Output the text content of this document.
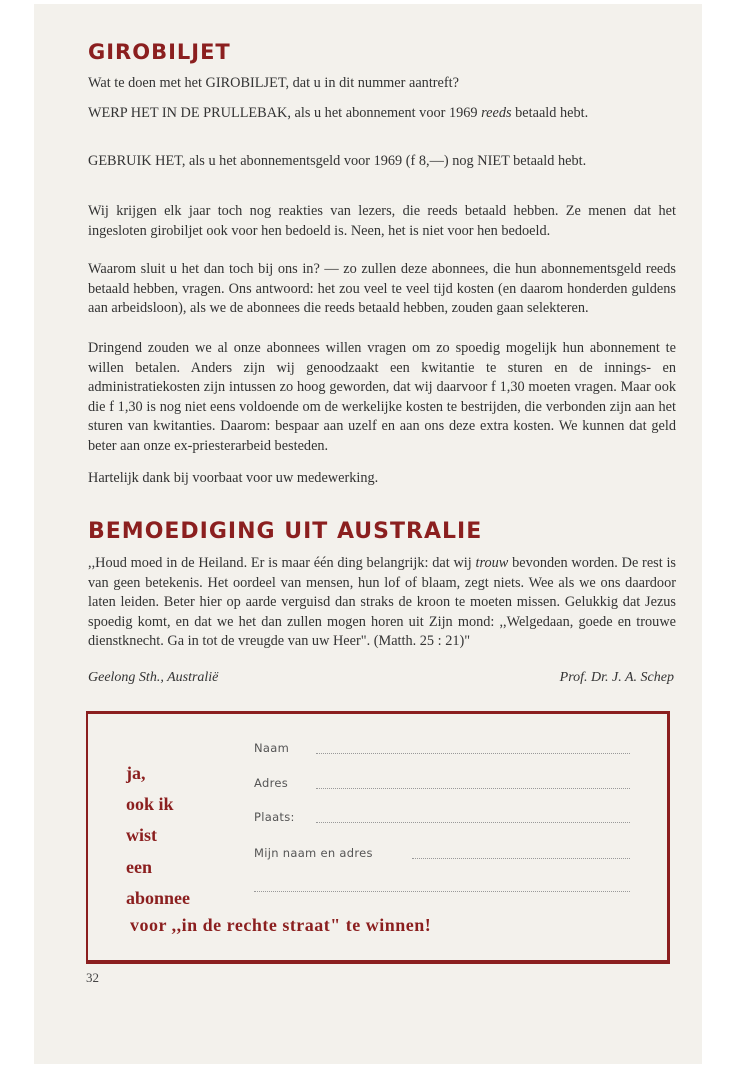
GIROBILJET
Wat te doen met het GIROBILJET, dat u in dit nummer aantreft?
WERP HET IN DE PRULLEBAK, als u het abonnement voor 1969 reeds betaald hebt.
GEBRUIK HET, als u het abonnementsgeld voor 1969 (f 8,—) nog NIET betaald hebt.
Wij krijgen elk jaar toch nog reakties van lezers, die reeds betaald hebben. Ze menen dat het ingesloten girobiljet ook voor hen bedoeld is. Neen, het is niet voor hen bedoeld.
Waarom sluit u het dan toch bij ons in? — zo zullen deze abonnees, die hun abonnementsgeld reeds betaald hebben, vragen. Ons antwoord: het zou veel te veel tijd kosten (en daarom honderden guldens aan arbeidsloon), als we de abonnees die reeds betaald hebben, zouden gaan selekteren.
Dringend zouden we al onze abonnees willen vragen om zo spoedig mogelijk hun abonnement te willen betalen. Anders zijn wij genoodzaakt een kwitantie te sturen en de innings- en administratiekosten zijn intussen zo hoog geworden, dat wij daarvoor f 1,30 moeten vragen. Maar ook die f 1,30 is nog niet eens voldoende om de werkelijke kosten te bestrijden, die verbonden zijn aan het sturen van kwitanties. Daarom: bespaar aan uzelf en aan ons deze extra kosten. We kunnen dat geld beter aan onze ex-priesterarbeid besteden.
Hartelijk dank bij voorbaat voor uw medewerking.
BEMOEDIGING UIT AUSTRALIE
,,Houd moed in de Heiland. Er is maar één ding belangrijk: dat wij trouw bevonden worden. De rest is van geen betekenis. Het oordeel van mensen, hun lof of blaam, zegt niets. Wee als we ons daardoor laten leiden. Beter hier op aarde verguisd dan straks de kroon te moeten missen. Gelukkig dat Jezus spoedig komt, en dat we het dan zullen mogen horen uit Zijn mond: ,,Welgedaan, goede en trouwe dienstknecht. Ga in tot de vreugde van uw Heer". (Matth. 25 : 21)"
Geelong Sth., Australië	Prof. Dr. J. A. Schep
ja,
ook ik
wist
een
abonnee
Naam
Adres
Plaats:
Mijn naam en adres
voor ,,in de rechte straat" te winnen!
32
